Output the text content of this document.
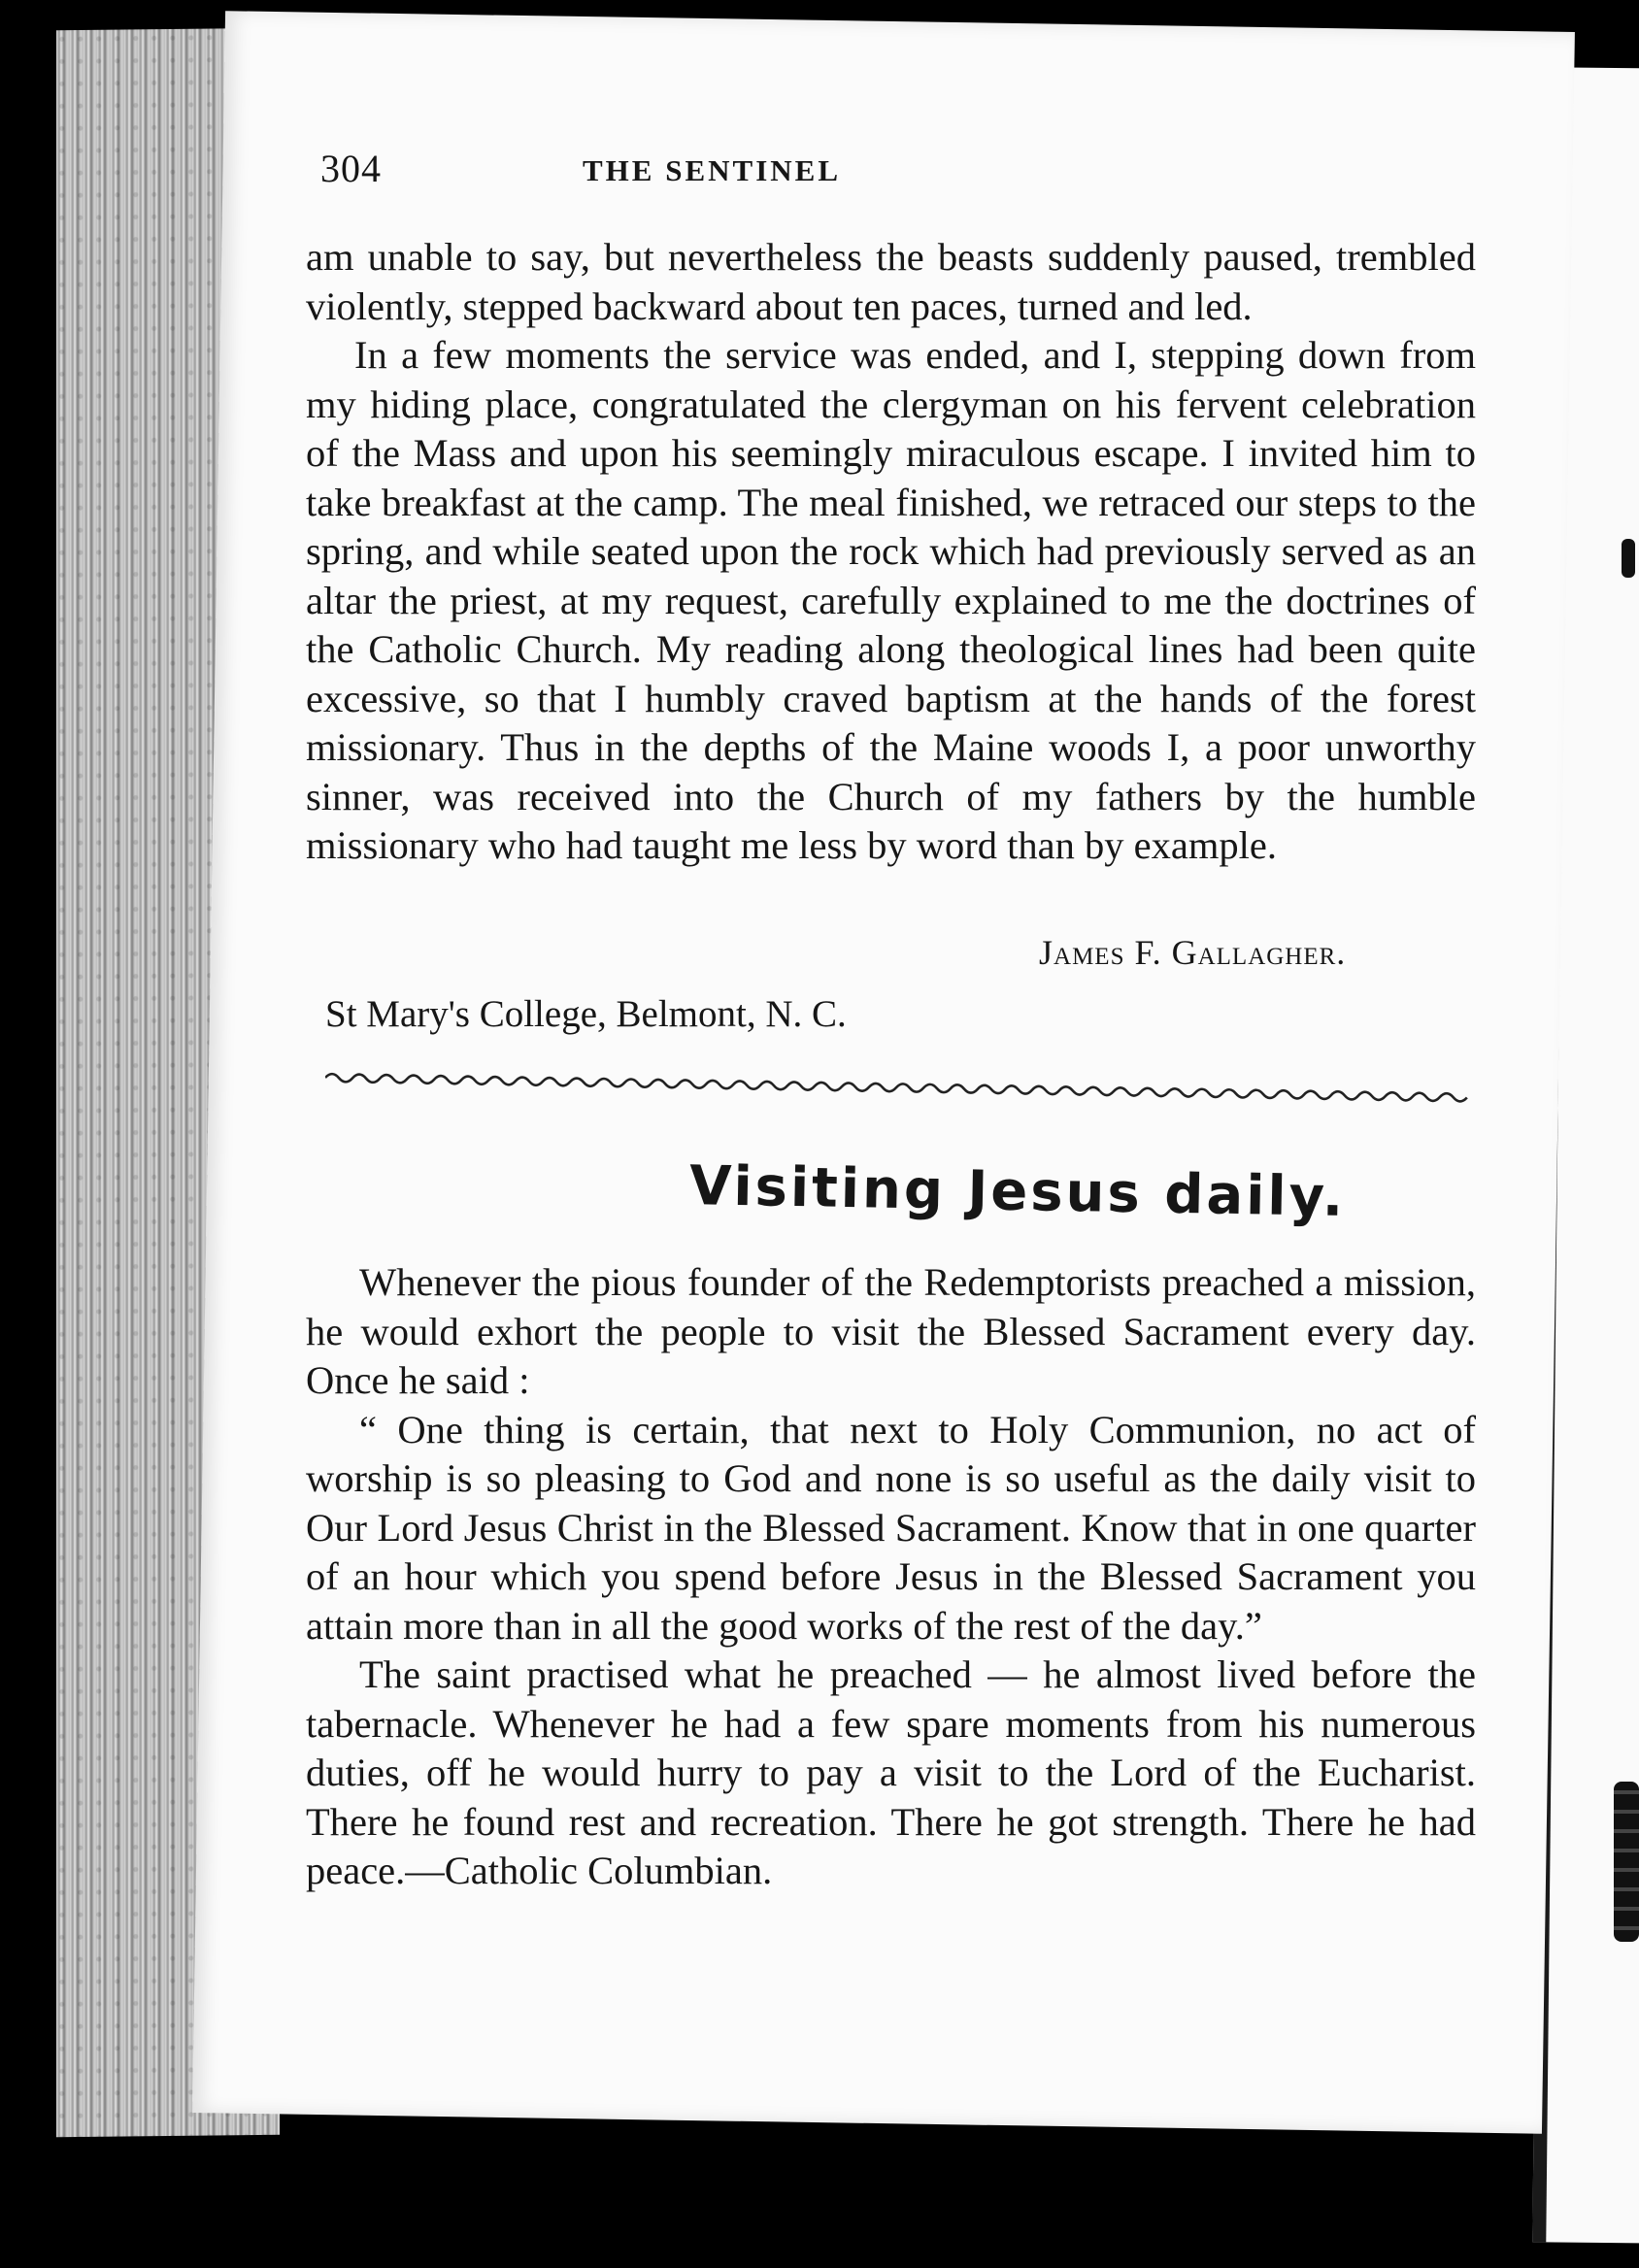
304	THE SENTINEL

am unable to say, but nevertheless the beasts suddenly paused, trembled violently, stepped backward about ten paces, turned and led.

In a few moments the service was ended, and I, stepping down from my hiding place, congratulated the clergyman on his fervent celebration of the Mass and upon his seemingly miraculous escape. I invited him to take breakfast at the camp. The meal finished, we retraced our steps to the spring, and while seated upon the rock which had previously served as an altar the priest, at my request, carefully explained to me the doctrines of the Catholic Church. My reading along theological lines had been quite excessive, so that I humbly craved baptism at the hands of the forest missionary. Thus in the depths of the Maine woods I, a poor unworthy sinner, was received into the Church of my fathers by the humble missionary who had taught me less by word than by example.

James F. Gallagher.
St Mary's College, Belmont, N. C.
Visiting Jesus daily.

Whenever the pious founder of the Redemptorists preached a mission, he would exhort the people to visit the Blessed Sacrament every day. Once he said :

“ One thing is certain, that next to Holy Communion, no act of worship is so pleasing to God and none is so useful as the daily visit to Our Lord Jesus Christ in the Blessed Sacrament. Know that in one quarter of an hour which you spend before Jesus in the Blessed Sacrament you attain more than in all the good works of the rest of the day.”

The saint practised what he preached — he almost lived before the tabernacle. Whenever he had a few spare moments from his numerous duties, off he would hurry to pay a visit to the Lord of the Eucharist. There he found rest and recreation. There he got strength. There he had peace.—Catholic Columbian.
